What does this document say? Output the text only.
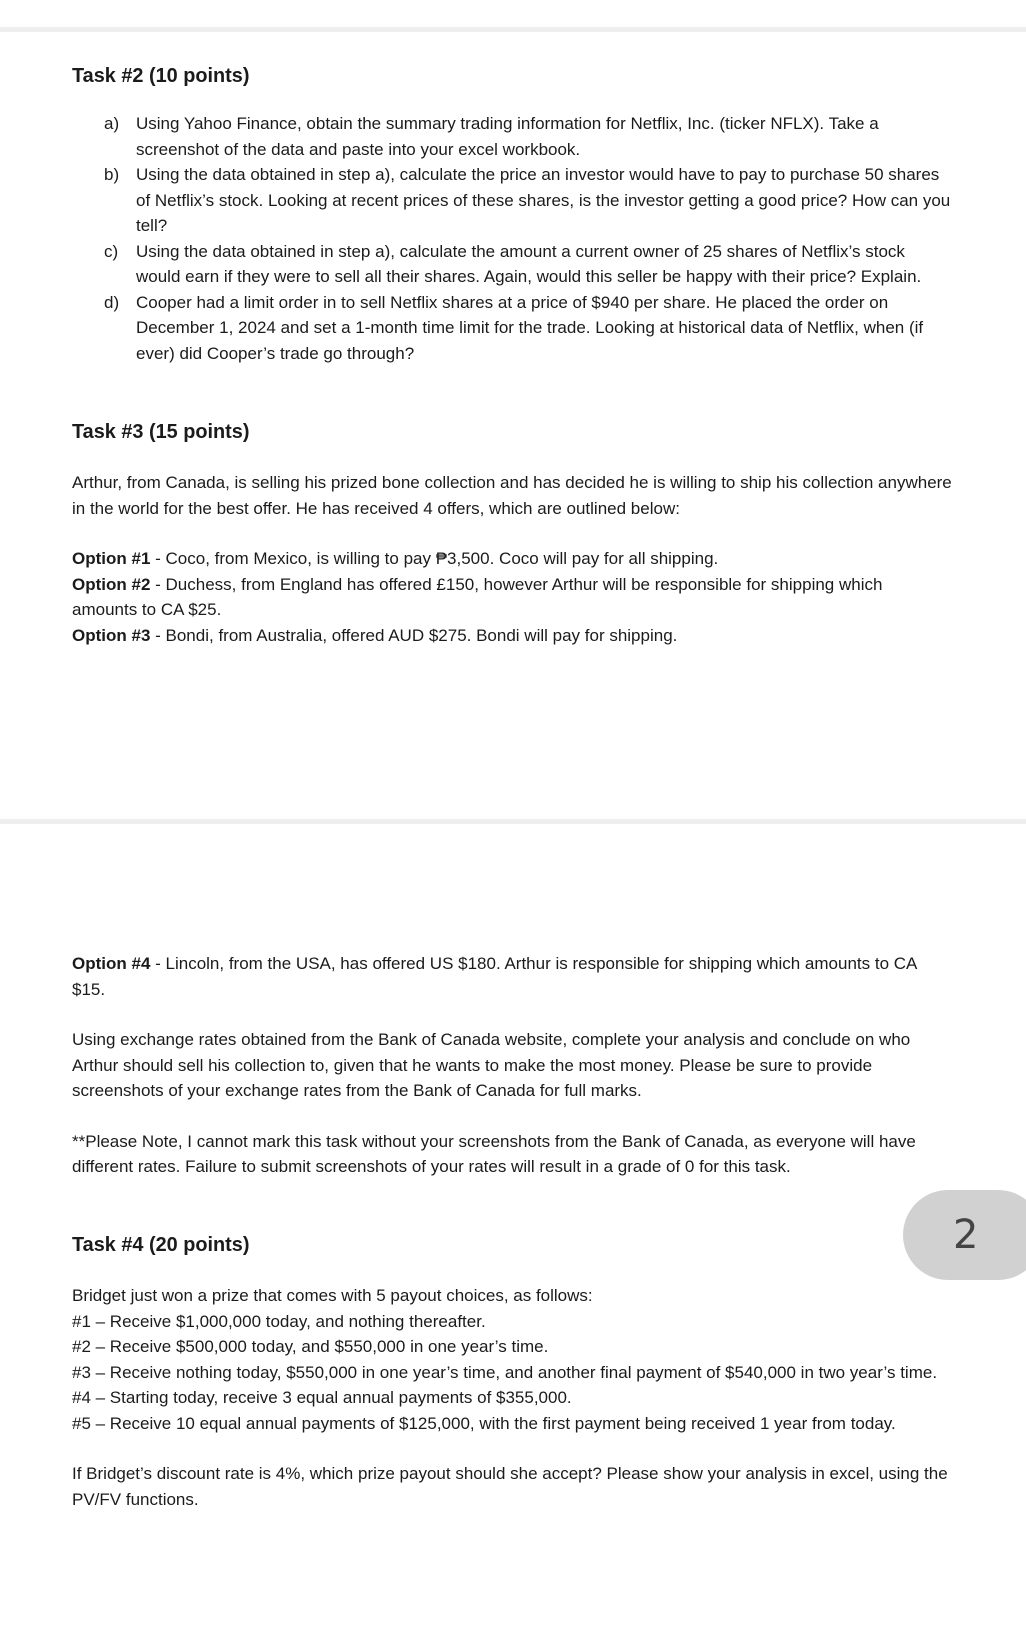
Task #2 (10 points)
a) Using Yahoo Finance, obtain the summary trading information for Netflix, Inc. (ticker NFLX). Take a screenshot of the data and paste into your excel workbook.
b) Using the data obtained in step a), calculate the price an investor would have to pay to purchase 50 shares of Netflix’s stock. Looking at recent prices of these shares, is the investor getting a good price? How can you tell?
c) Using the data obtained in step a), calculate the amount a current owner of 25 shares of Netflix’s stock would earn if they were to sell all their shares. Again, would this seller be happy with their price? Explain.
d) Cooper had a limit order in to sell Netflix shares at a price of $940 per share. He placed the order on December 1, 2024 and set a 1-month time limit for the trade. Looking at historical data of Netflix, when (if ever) did Cooper’s trade go through?
Task #3 (15 points)

Arthur, from Canada, is selling his prized bone collection and has decided he is willing to ship his collection anywhere in the world for the best offer. He has received 4 offers, which are outlined below:

Option #1 - Coco, from Mexico, is willing to pay ₱3,500. Coco will pay for all shipping.

Option #2 - Duchess, from England has offered £150, however Arthur will be responsible for shipping which amounts to CA $25.

Option #3 - Bondi, from Australia, offered AUD $275. Bondi will pay for shipping.

Option #4 - Lincoln, from the USA, has offered US $180. Arthur is responsible for shipping which amounts to CA $15.

Using exchange rates obtained from the Bank of Canada website, complete your analysis and conclude on who Arthur should sell his collection to, given that he wants to make the most money. Please be sure to provide screenshots of your exchange rates from the Bank of Canada for full marks.

**Please Note, I cannot mark this task without your screenshots from the Bank of Canada, as everyone will have different rates. Failure to submit screenshots of your rates will result in a grade of 0 for this task.

Task #4 (20 points)

Bridget just won a prize that comes with 5 payout choices, as follows:

#1 – Receive $1,000,000 today, and nothing thereafter.

#2 – Receive $500,000 today, and $550,000 in one year’s time.

#3 – Receive nothing today, $550,000 in one year’s time, and another final payment of $540,000 in two year’s time.

#4 – Starting today, receive 3 equal annual payments of $355,000.

#5 – Receive 10 equal annual payments of $125,000, with the first payment being received 1 year from today.

If Bridget’s discount rate is 4%, which prize payout should she accept? Please show your analysis in excel, using the PV/FV functions.

2
